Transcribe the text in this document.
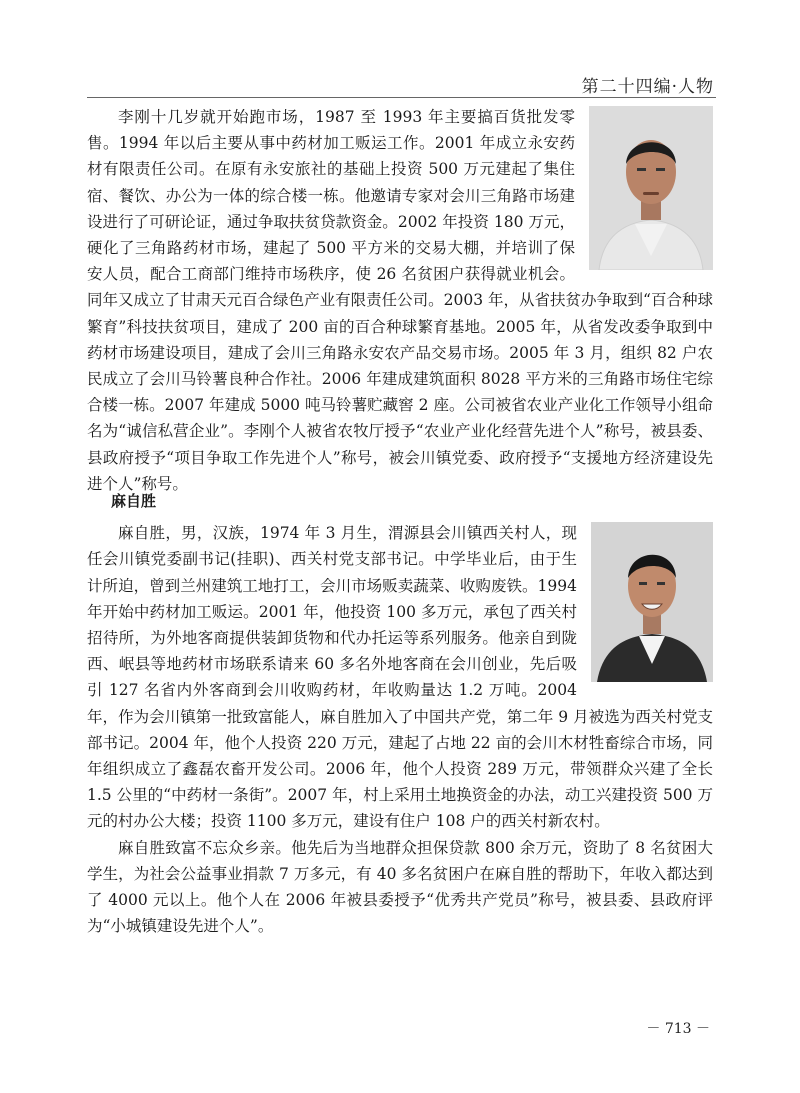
第二十四编·人物

李刚十几岁就开始跑市场，1987 至 1993 年主要搞百货批发零售。1994 年以后主要从事中药材加工贩运工作。2001 年成立永安药材有限责任公司。在原有永安旅社的基础上投资 500 万元建起了集住宿、餐饮、办公为一体的综合楼一栋。他邀请专家对会川三角路市场建设进行了可研论证，通过争取扶贫贷款资金。2002 年投资 180 万元，硬化了三角路药材市场，建起了 500 平方米的交易大棚，并培训了保安人员，配合工商部门维持市场秩序，使 26 名贫困户获得就业机会。同年又成立了甘肃天元百合绿色产业有限责任公司。2003 年，从省扶贫办争取到“百合种球繁育”科技扶贫项目，建成了 200 亩的百合种球繁育基地。2005 年，从省发改委争取到中药材市场建设项目，建成了会川三角路永安农产品交易市场。2005 年 3 月，组织 82 户农民成立了会川马铃薯良种合作社。2006 年建成建筑面积 8028 平方米的三角路市场住宅综合楼一栋。2007 年建成 5000 吨马铃薯贮藏窖 2 座。公司被省农业产业化工作领导小组命名为“诚信私营企业”。李刚个人被省农牧厅授予“农业产业化经营先进个人”称号，被县委、县政府授予“项目争取工作先进个人”称号，被会川镇党委、政府授予“支援地方经济建设先进个人”称号。

麻自胜

麻自胜，男，汉族，1974 年 3 月生，渭源县会川镇西关村人，现任会川镇党委副书记(挂职)、西关村党支部书记。中学毕业后，由于生计所迫，曾到兰州建筑工地打工，会川市场贩卖蔬菜、收购废铁。1994 年开始中药材加工贩运。2001 年，他投资 100 多万元，承包了西关村招待所，为外地客商提供装卸货物和代办托运等系列服务。他亲自到陇西、岷县等地药材市场联系请来 60 多名外地客商在会川创业，先后吸引 127 名省内外客商到会川收购药材，年收购量达 1.2 万吨。2004 年，作为会川镇第一批致富能人，麻自胜加入了中国共产党，第二年 9 月被选为西关村党支部书记。2004 年，他个人投资 220 万元，建起了占地 22 亩的会川木材牲畜综合市场，同年组织成立了鑫磊农畜开发公司。2006 年，他个人投资 289 万元，带领群众兴建了全长 1.5 公里的“中药材一条街”。2007 年，村上采用土地换资金的办法，动工兴建投资 500 万元的村办公大楼；投资 1100 多万元，建设有住户 108 户的西关村新农村。

麻自胜致富不忘众乡亲。他先后为当地群众担保贷款 800 余万元，资助了 8 名贫困大学生，为社会公益事业捐款 7 万多元，有 40 多名贫困户在麻自胜的帮助下，年收入都达到了 4000 元以上。他个人在 2006 年被县委授予“优秀共产党员”称号，被县委、县政府评为“小城镇建设先进个人”。

－ 713 －
